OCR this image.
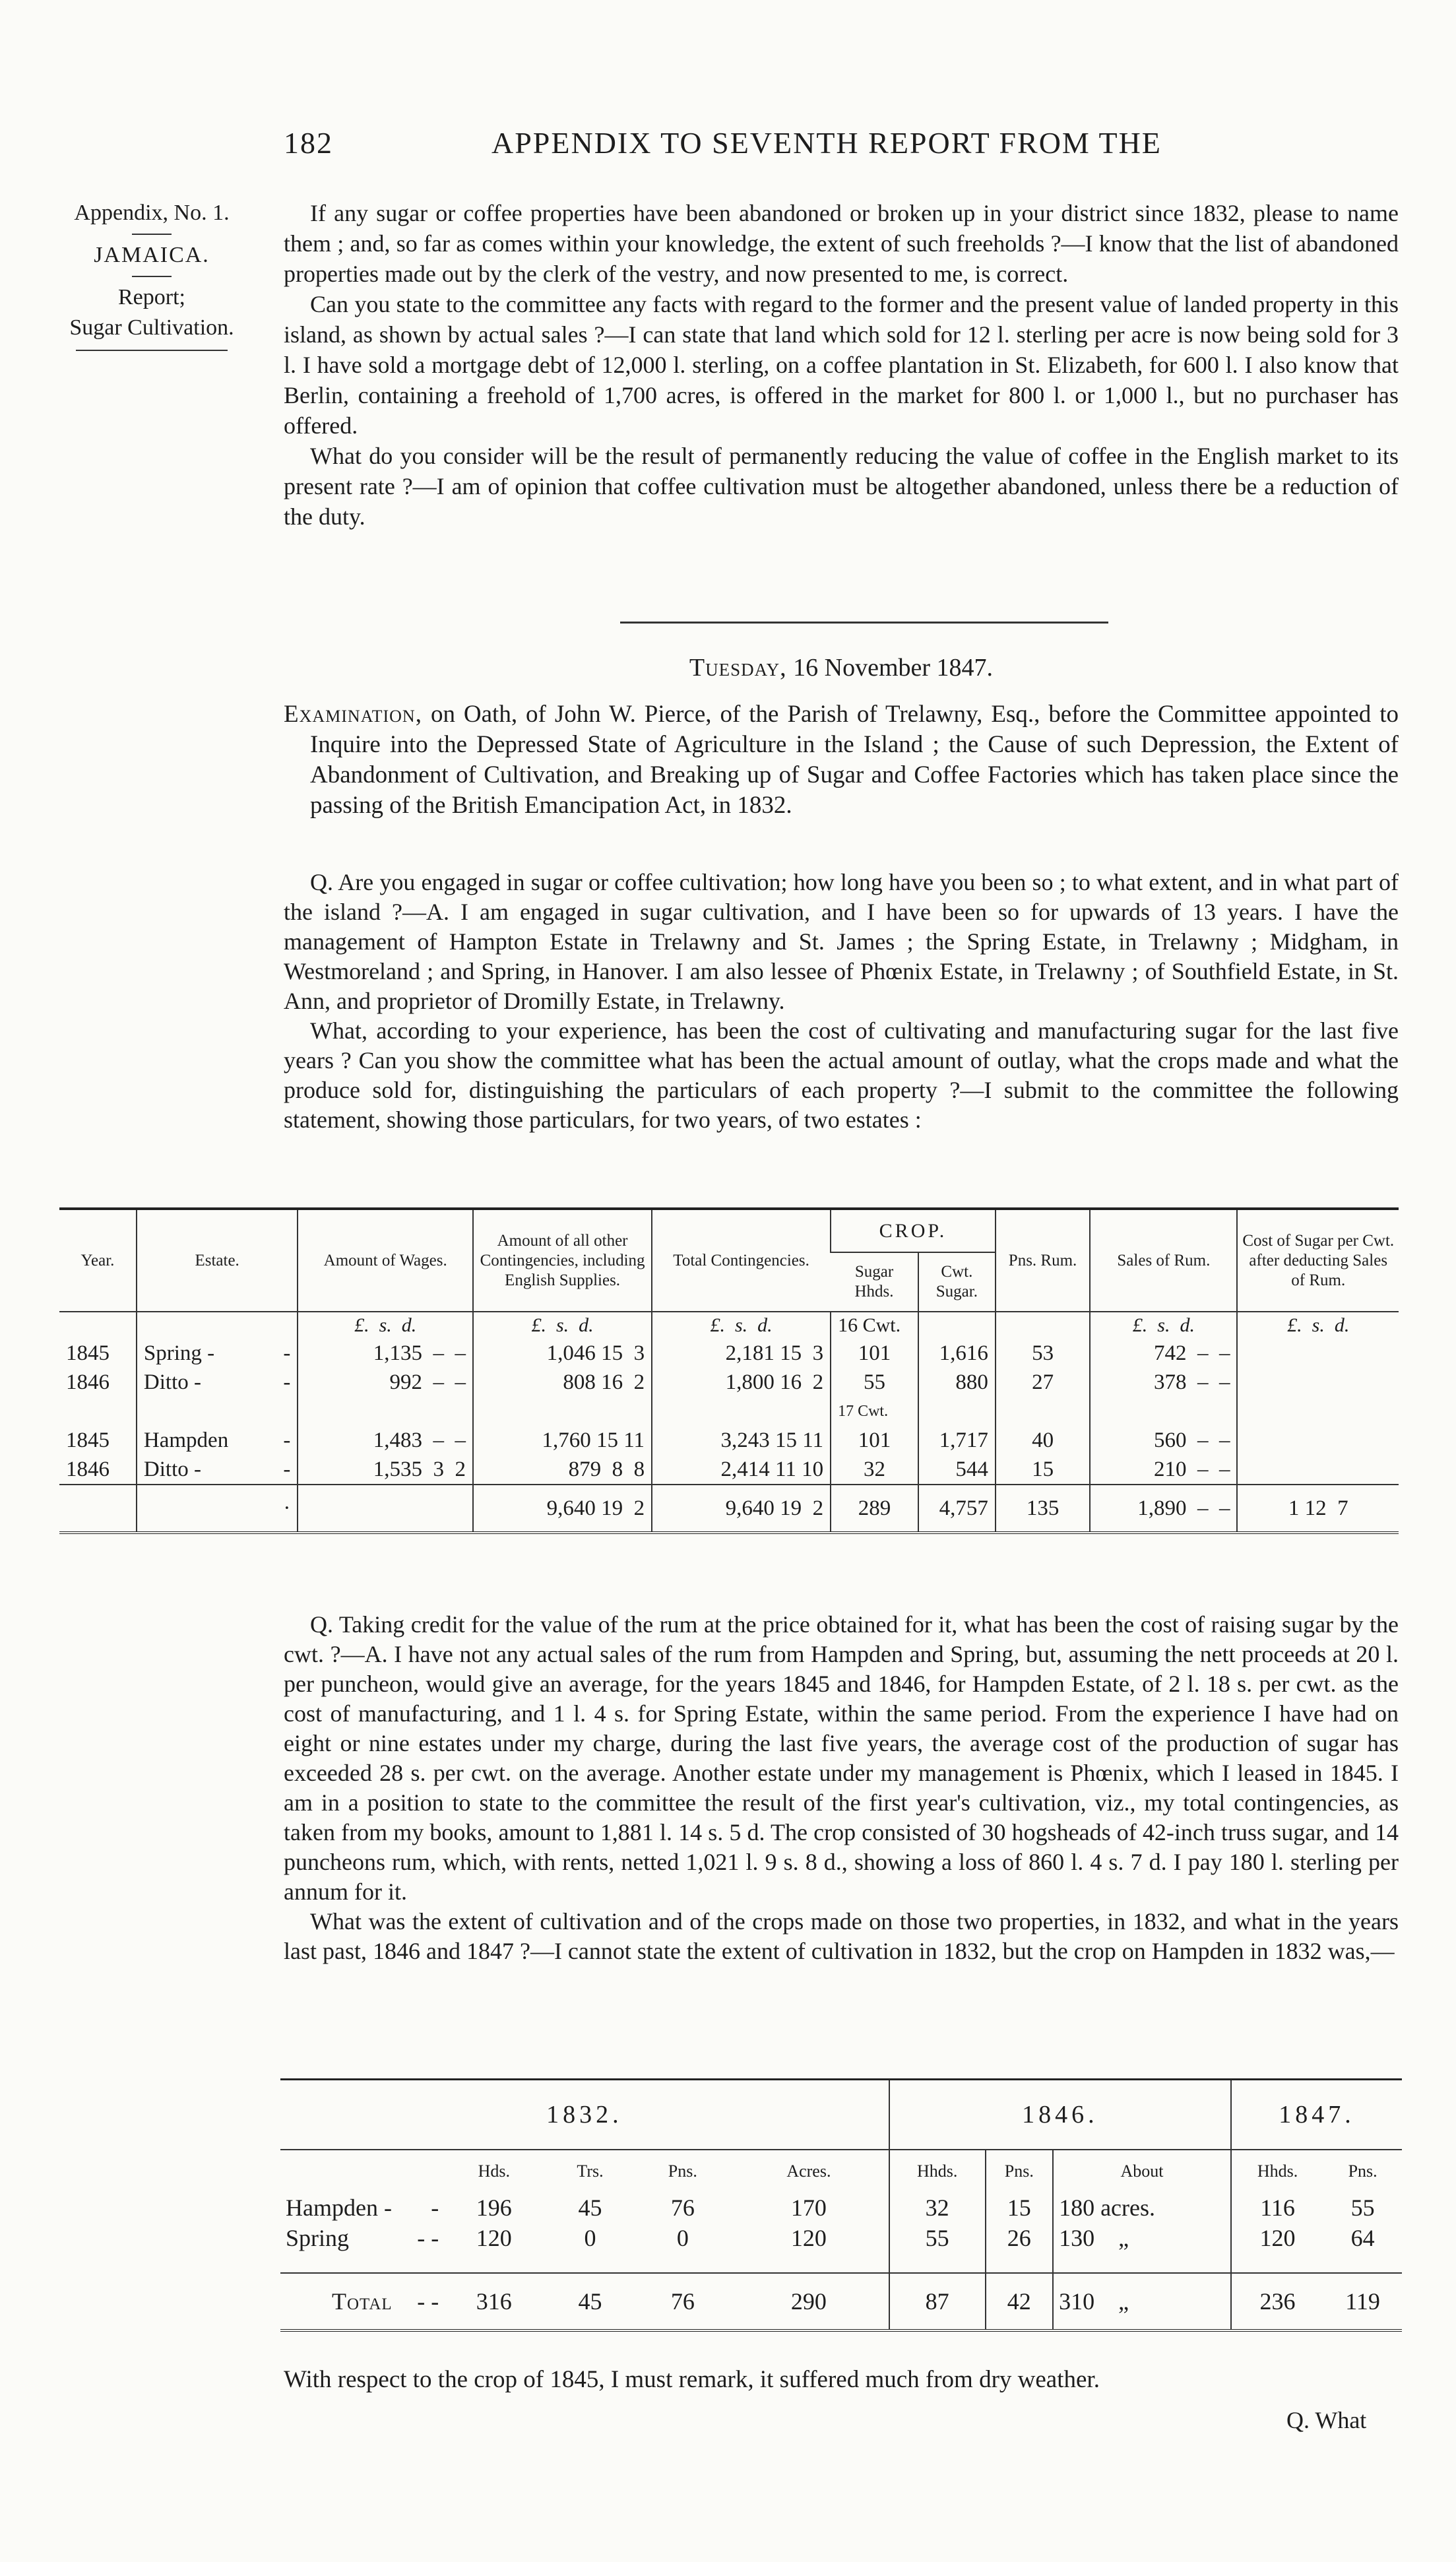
182	APPENDIX TO SEVENTH REPORT FROM THE
Appendix, No. 1.
JAMAICA.
Report;
Sugar Cultivation.

If any sugar or coffee properties have been abandoned or broken up in your district since 1832, please to name them ; and, so far as comes within your knowledge, the extent of such freeholds ?—I know that the list of abandoned properties made out by the clerk of the vestry, and now presented to me, is correct.

Can you state to the committee any facts with regard to the former and the present value of landed property in this island, as shown by actual sales ?—I can state that land which sold for 12 l. sterling per acre is now being sold for 3 l. I have sold a mortgage debt of 12,000 l. sterling, on a coffee plantation in St. Elizabeth, for 600 l. I also know that Berlin, containing a freehold of 1,700 acres, is offered in the market for 800 l. or 1,000 l., but no purchaser has offered.

What do you consider will be the result of permanently reducing the value of coffee in the English market to its present rate ?—I am of opinion that coffee cultivation must be altogether abandoned, unless there be a reduction of the duty.

Tuesday, 16 November 1847.

Examination, on Oath, of John W. Pierce, of the Parish of Trelawny, Esq., before the Committee appointed to Inquire into the Depressed State of Agriculture in the Island ; the Cause of such Depression, the Extent of Abandonment of Cultivation, and Breaking up of Sugar and Coffee Factories which has taken place since the passing of the British Emancipation Act, in 1832.

Q. Are you engaged in sugar or coffee cultivation; how long have you been so ; to what extent, and in what part of the island ?—A. I am engaged in sugar cultivation, and I have been so for upwards of 13 years. I have the management of Hampton Estate in Trelawny and St. James ; the Spring Estate, in Trelawny ; Midgham, in Westmoreland ; and Spring, in Hanover. I am also lessee of Phœnix Estate, in Trelawny ; of Southfield Estate, in St. Ann, and proprietor of Dromilly Estate, in Trelawny.

What, according to your experience, has been the cost of cultivating and manufacturing sugar for the last five years ? Can you show the committee what has been the actual amount of outlay, what the crops made and what the produce sold for, distinguishing the particulars of each property ?—I submit to the committee the following statement, showing those particulars, for two years, of two estates :

Year.	Estate.	Amount of Wages.	Amount of all other Contingencies, including English Supplies.	Total Contingencies.	CROP.		Pns. Rum.	Sales of Rum.	Cost of Sugar per Cwt. after deducting Sales of Rum.
					Sugar Hhds.	Cwt. Sugar.			
		£. s. d.	£. s. d.	£. s. d.	16 Cwt.			£. s. d.	£. s. d.
1845	Spring - -	1,135  –  –	1,046 15  3	2,181 15  3	101	1,616	53	742  –  –	
1846	Ditto - -	992  –  –	808 16  2	1,800 16  2	55	880	27	378  –  –	
					17 Cwt.				
1845	Hampden -	1,483  –  –	1,760 15 11	3,243 15 11	101	1,717	40	560  –  –	
1846	Ditto - -	1,535  3  2	879  8  8	2,414 11 10	32	544	15	210  –  –	
	·		9,640 19  2	9,640 19  2	289	4,757	135	1,890  –  –	1 12  7

Q. Taking credit for the value of the rum at the price obtained for it, what has been the cost of raising sugar by the cwt. ?—A. I have not any actual sales of the rum from Hampden and Spring, but, assuming the nett proceeds at 20 l. per puncheon, would give an average, for the years 1845 and 1846, for Hampden Estate, of 2 l. 18 s. per cwt. as the cost of manufacturing, and 1 l. 4 s. for Spring Estate, within the same period. From the experience I have had on eight or nine estates under my charge, during the last five years, the average cost of the production of sugar has exceeded 28 s. per cwt. on the average. Another estate under my management is Phœnix, which I leased in 1845. I am in a position to state to the committee the result of the first year's cultivation, viz., my total contingencies, as taken from my books, amount to 1,881 l. 14 s. 5 d. The crop consisted of 30 hogsheads of 42-inch truss sugar, and 14 puncheons rum, which, with rents, netted 1,021 l. 9 s. 8 d., showing a loss of 860 l. 4 s. 7 d. I pay 180 l. sterling per annum for it.

What was the extent of cultivation and of the crops made on those two properties, in 1832, and what in the years last past, 1846 and 1847 ?—I cannot state the extent of cultivation in 1832, but the crop on Hampden in 1832 was,—

1832.					1846.			1847.	
	Hds.	Trs.	Pns.	Acres.	Hhds.	Pns.	About	Hhds.	Pns.
Hampden - -	196	45	76	170	32	15	180 acres.	116	55
Spring - -	120	0	0	120	55	26	130    „	120	64

Total - -	316	45	76	290	87	42	310    „	236	119
With respect to the crop of 1845, I must remark, it suffered much from dry weather.
Q. What
